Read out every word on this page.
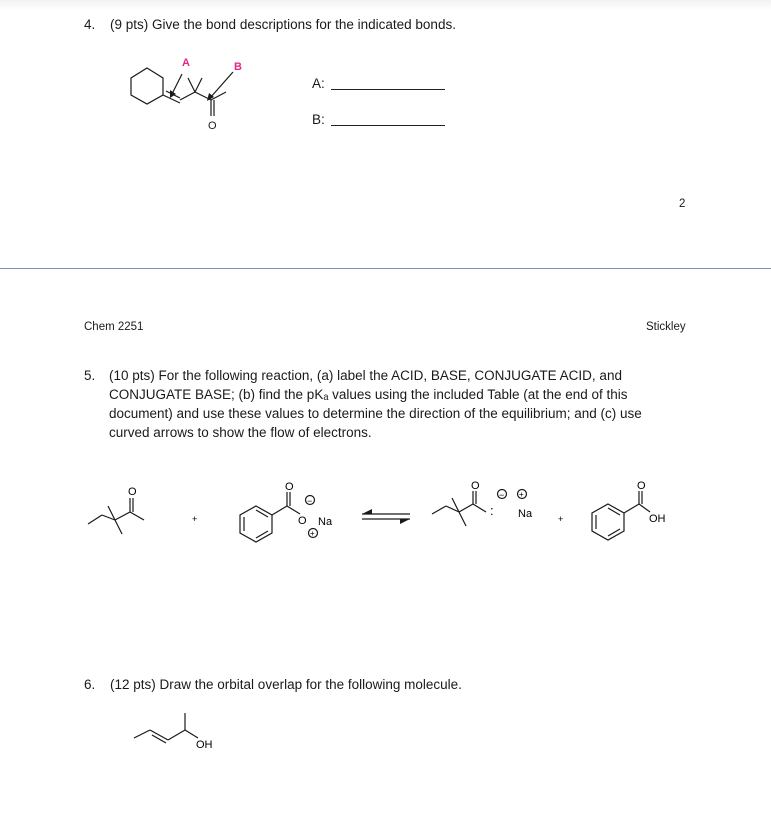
4. (9 pts) Give the bond descriptions for the indicated bonds.
A	B
O
A:
B:
2
Chem 2251	Stickley
5.	(10 pts) For the following reaction, (a) label the ACID, BASE, CONJUGATE ACID, and
CONJUGATE BASE; (b) find the pKₐ values using the included Table (at the end of this
document) and use these values to determine the direction of the equilibrium; and (c) use
curved arrows to show the flow of electrons.
O
+
O
O
−
Na
+
O
:
− +
Na	+
O
OH
6. (12 pts) Draw the orbital overlap for the following molecule.
OH
